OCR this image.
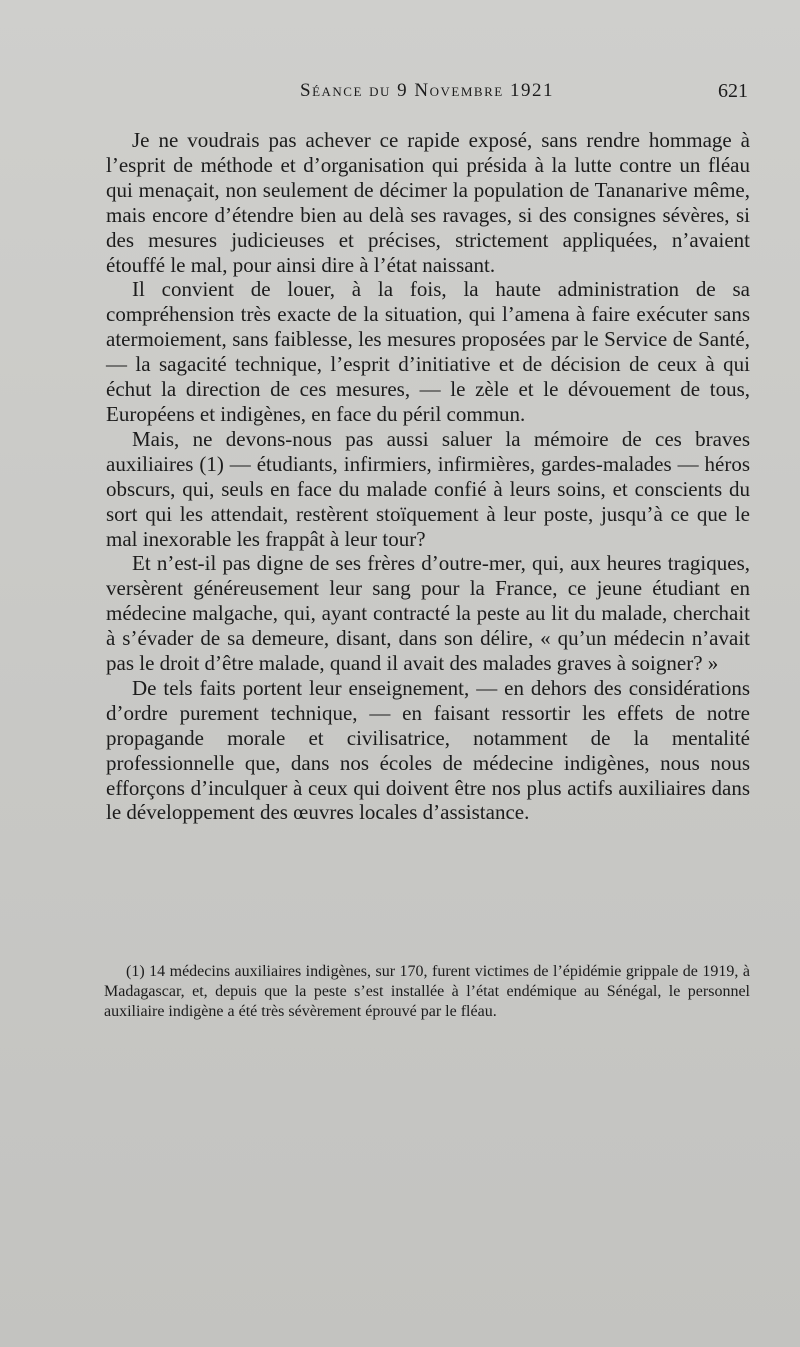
Séance du 9 Novembre 1921	621

Je ne voudrais pas achever ce rapide exposé, sans rendre hommage à l’esprit de méthode et d’organisation qui présida à la lutte contre un fléau qui menaçait, non seulement de décimer la population de Tananarive même, mais encore d’étendre bien au delà ses ravages, si des consignes sévères, si des mesures judicieuses et précises, strictement appliquées, n’avaient étouffé le mal, pour ainsi dire à l’état naissant.

Il convient de louer, à la fois, la haute administration de sa compréhension très exacte de la situation, qui l’amena à faire exécuter sans atermoiement, sans faiblesse, les mesures proposées par le Service de Santé, — la sagacité technique, l’esprit d’initiative et de décision de ceux à qui échut la direction de ces mesures, — le zèle et le dévouement de tous, Européens et indigènes, en face du péril commun.

Mais, ne devons-nous pas aussi saluer la mémoire de ces braves auxiliaires (1) — étudiants, infirmiers, infirmières, gardes-malades — héros obscurs, qui, seuls en face du malade confié à leurs soins, et conscients du sort qui les attendait, restèrent stoïquement à leur poste, jusqu’à ce que le mal inexorable les frappât à leur tour?

Et n’est-il pas digne de ses frères d’outre-mer, qui, aux heures tragiques, versèrent généreusement leur sang pour la France, ce jeune étudiant en médecine malgache, qui, ayant contracté la peste au lit du malade, cherchait à s’évader de sa demeure, disant, dans son délire, « qu’un médecin n’avait pas le droit d’être malade, quand il avait des malades graves à soigner? »

De tels faits portent leur enseignement, — en dehors des considérations d’ordre purement technique, — en faisant ressortir les effets de notre propagande morale et civilisatrice, notamment de la mentalité professionnelle que, dans nos écoles de médecine indigènes, nous nous efforçons d’inculquer à ceux qui doivent être nos plus actifs auxiliaires dans le développement des œuvres locales d’assistance.

(1) 14 médecins auxiliaires indigènes, sur 170, furent victimes de l’épidémie grippale de 1919, à Madagascar, et, depuis que la peste s’est installée à l’état endémique au Sénégal, le personnel auxiliaire indigène a été très sévèrement éprouvé par le fléau.
